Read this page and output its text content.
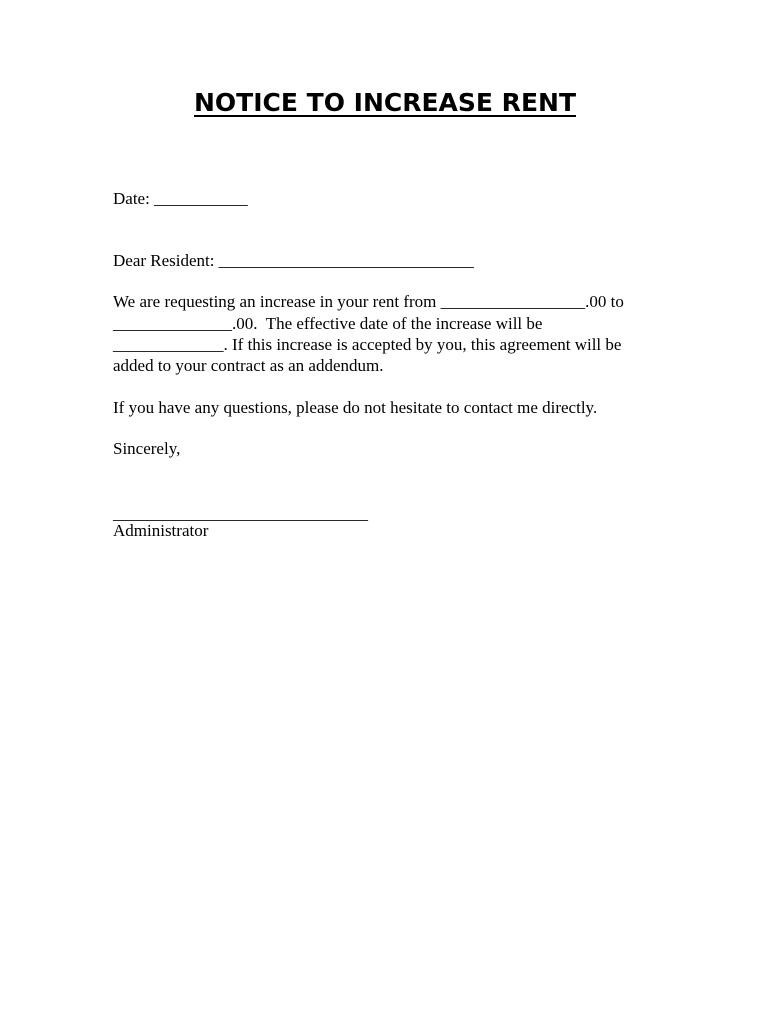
NOTICE TO INCREASE RENT
Date: ___________
Dear Resident: ______________________________
We are requesting an increase in your rent from _________________.00 to
______________.00.  The effective date of the increase will be
_____________. If this increase is accepted by you, this agreement will be
added to your contract as an addendum.
If you have any questions, please do not hesitate to contact me directly.
Sincerely,
______________________________
Administrator
